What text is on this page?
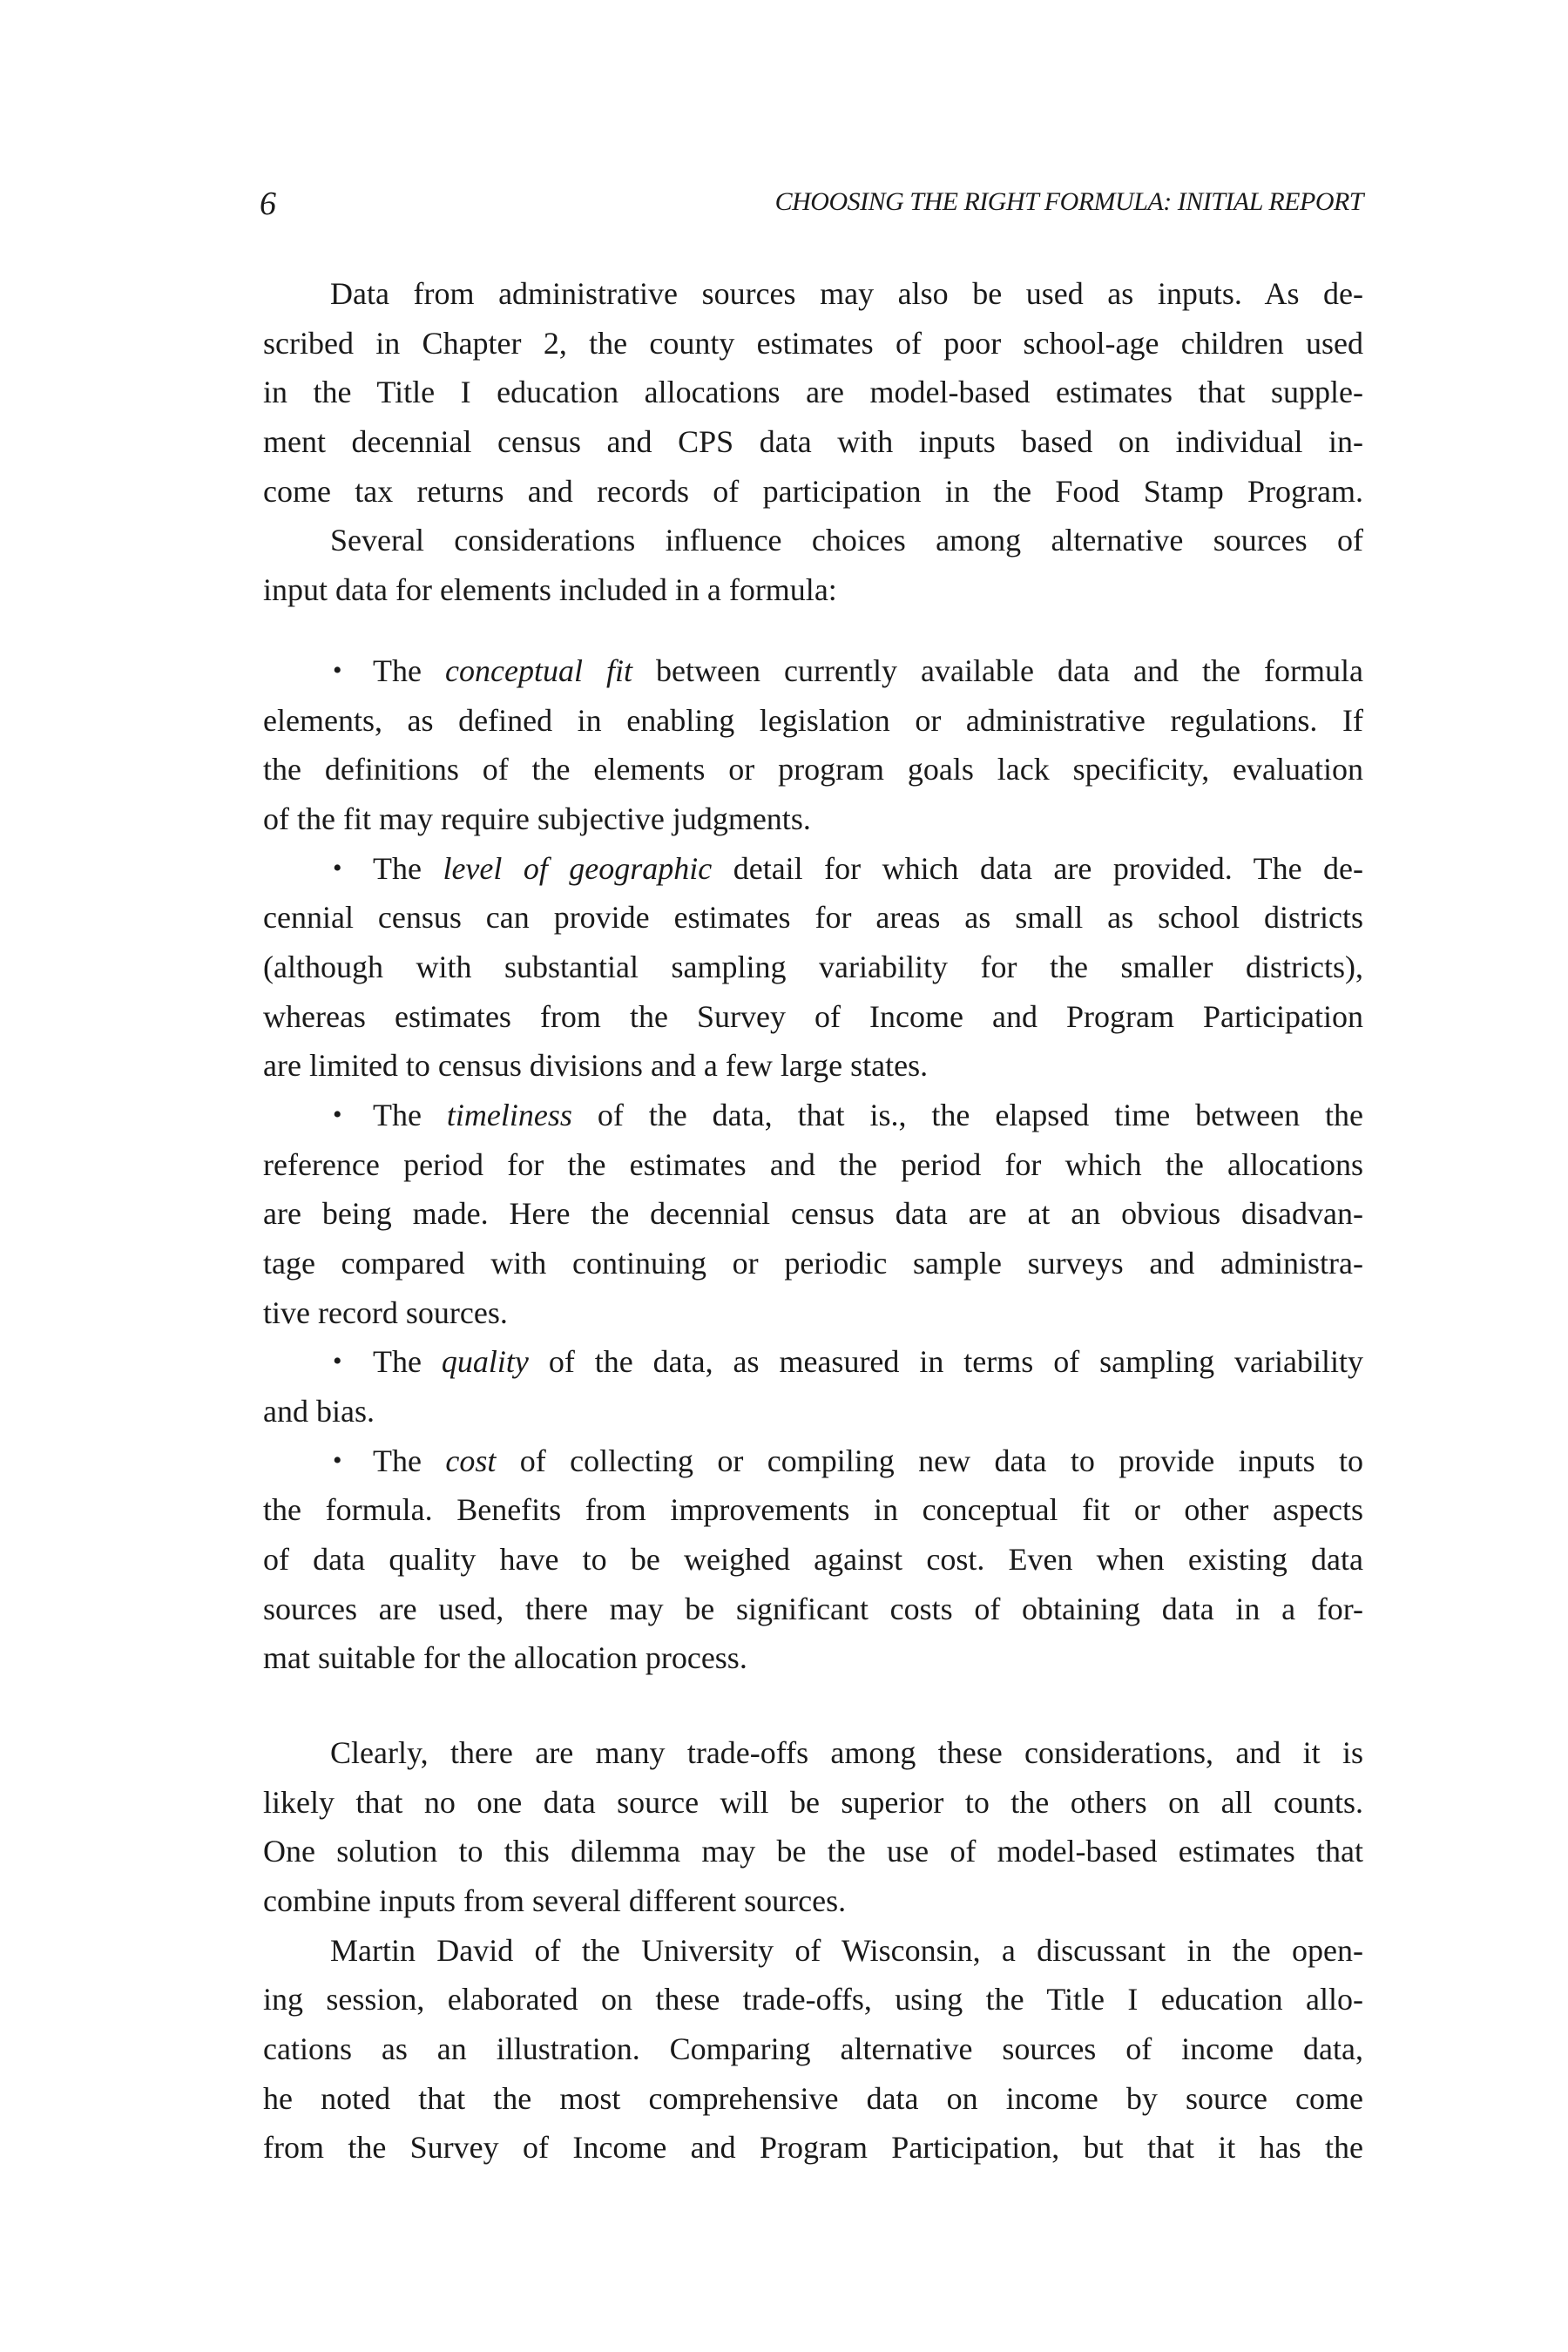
6	CHOOSING THE RIGHT FORMULA: INITIAL REPORT
Data from administrative sources may also be used as inputs. As de-
scribed in Chapter 2, the county estimates of poor school-age children used
in the Title I education allocations are model-based estimates that supple-
ment decennial census and CPS data with inputs based on individual in-
come tax returns and records of participation in the Food Stamp Program.
Several considerations influence choices among alternative sources of
input data for elements included in a formula:
• The conceptual fit between currently available data and the formula
elements, as defined in enabling legislation or administrative regulations. If
the definitions of the elements or program goals lack specificity, evaluation
of the fit may require subjective judgments.
• The level of geographic detail for which data are provided. The de-
cennial census can provide estimates for areas as small as school districts
(although with substantial sampling variability for the smaller districts),
whereas estimates from the Survey of Income and Program Participation
are limited to census divisions and a few large states.
• The timeliness of the data, that is., the elapsed time between the
reference period for the estimates and the period for which the allocations
are being made. Here the decennial census data are at an obvious disadvan-
tage compared with continuing or periodic sample surveys and administra-
tive record sources.
• The quality of the data, as measured in terms of sampling variability
and bias.
• The cost of collecting or compiling new data to provide inputs to
the formula. Benefits from improvements in conceptual fit or other aspects
of data quality have to be weighed against cost. Even when existing data
sources are used, there may be significant costs of obtaining data in a for-
mat suitable for the allocation process.
Clearly, there are many trade-offs among these considerations, and it is
likely that no one data source will be superior to the others on all counts.
One solution to this dilemma may be the use of model-based estimates that
combine inputs from several different sources.
Martin David of the University of Wisconsin, a discussant in the open-
ing session, elaborated on these trade-offs, using the Title I education allo-
cations as an illustration. Comparing alternative sources of income data,
he noted that the most comprehensive data on income by source come
from the Survey of Income and Program Participation, but that it has the
